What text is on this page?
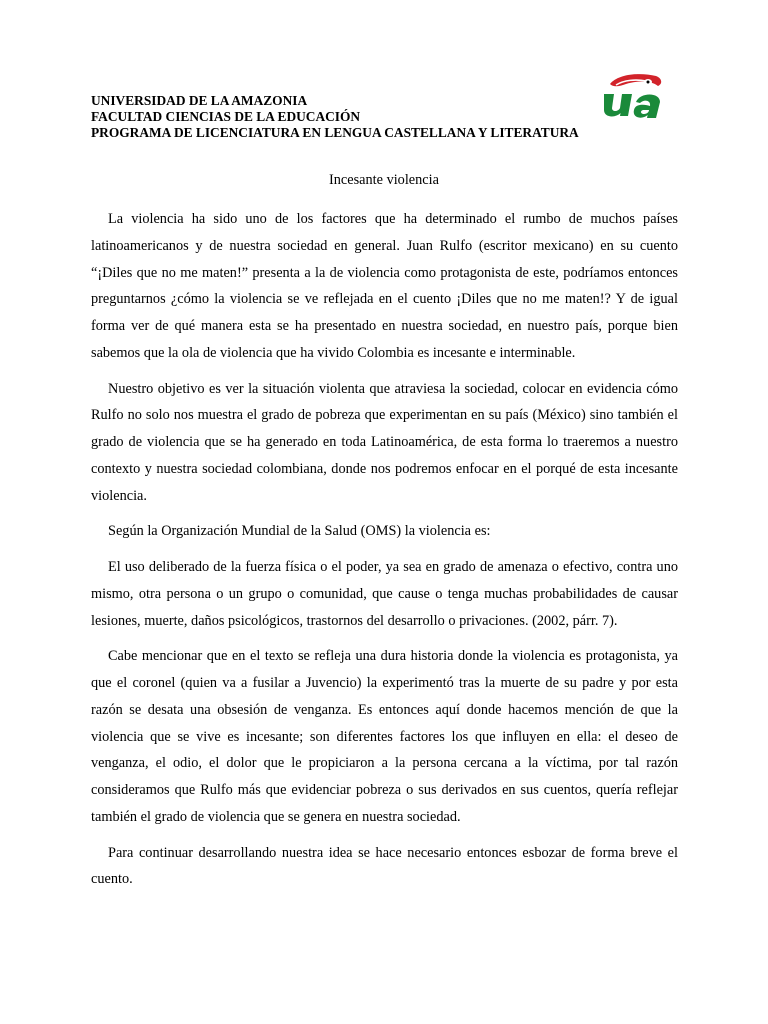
UNIVERSIDAD DE LA AMAZONIA
FACULTAD CIENCIAS DE LA EDUCACIÓN
PROGRAMA DE LICENCIATURA EN LENGUA CASTELLANA Y LITERATURA
Incesante violencia

La violencia ha sido uno de los factores que ha determinado el rumbo de muchos países latinoamericanos y de nuestra sociedad en general. Juan Rulfo (escritor mexicano) en su cuento “¡Diles que no me maten!” presenta a la de violencia como protagonista de este, podríamos entonces preguntarnos ¿cómo la violencia se ve reflejada en el cuento ¡Diles que no me maten!? Y de igual forma ver de qué manera esta se ha presentado en nuestra sociedad, en nuestro país, porque bien sabemos que la ola de violencia que ha vivido Colombia es incesante e interminable.

Nuestro objetivo es ver la situación violenta que atraviesa la sociedad, colocar en evidencia cómo Rulfo no solo nos muestra el grado de pobreza que experimentan en su país (México) sino también el grado de violencia que se ha generado en toda Latinoamérica, de esta forma lo traeremos a nuestro contexto y nuestra sociedad colombiana, donde nos podremos enfocar en el porqué de esta incesante violencia.

Según la Organización Mundial de la Salud (OMS) la violencia es:

El uso deliberado de la fuerza física o el poder, ya sea en grado de amenaza o efectivo, contra uno mismo, otra persona o un grupo o comunidad, que cause o tenga muchas probabilidades de causar lesiones, muerte, daños psicológicos, trastornos del desarrollo o privaciones. (2002, párr. 7).

Cabe mencionar que en el texto se refleja una dura historia donde la violencia es protagonista, ya que el coronel (quien va a fusilar a Juvencio) la experimentó tras la muerte de su padre y por esta razón se desata una obsesión de venganza. Es entonces aquí donde hacemos mención de que la violencia que se vive es incesante; son diferentes factores los que influyen en ella: el deseo de venganza, el odio, el dolor que le propiciaron a la persona cercana a la víctima, por tal razón consideramos que Rulfo más que evidenciar pobreza o sus derivados en sus cuentos, quería reflejar también el grado de violencia que se genera en nuestra sociedad.

Para continuar desarrollando nuestra idea se hace necesario entonces esbozar de forma breve el cuento.
